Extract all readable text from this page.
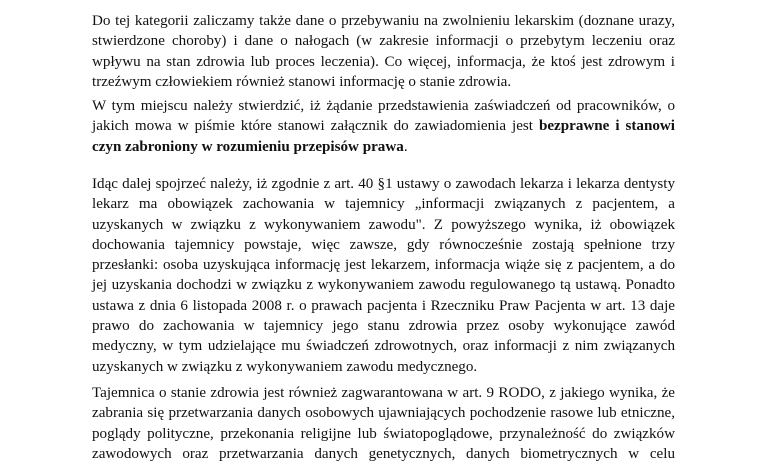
Do tej kategorii zaliczamy także dane o przebywaniu na zwolnieniu lekarskim (doznane urazy,
stwierdzone choroby) i dane o nałogach (w zakresie informacji o przebytym leczeniu oraz
wpływu na stan zdrowia lub proces leczenia). Co więcej, informacja, że ktoś jest zdrowym i
trzeźwym człowiekiem również stanowi informację o stanie zdrowia.

W tym miejscu należy stwierdzić, iż żądanie przedstawienia zaświadczeń od pracowników, o
jakich mowa w piśmie które stanowi załącznik do zawiadomienia jest bezprawne i stanowi
czyn zabroniony w rozumieniu przepisów prawa.

Idąc dalej spojrzeć należy, iż zgodnie z art. 40 §1 ustawy o zawodach lekarza i lekarza dentysty
lekarz ma obowiązek zachowania w tajemnicy „informacji związanych z pacjentem, a
uzyskanych w związku z wykonywaniem zawodu". Z powyższego wynika, iż obowiązek
dochowania tajemnicy powstaje, więc zawsze, gdy równocześnie zostają spełnione trzy
przesłanki: osoba uzyskująca informację jest lekarzem, informacja wiąże się z pacjentem, a do
jej uzyskania dochodzi w związku z wykonywaniem zawodu regulowanego tą ustawą. Ponadto
ustawa z dnia 6 listopada 2008 r. o prawach pacjenta i Rzeczniku Praw Pacjenta w art. 13 daje
prawo do zachowania w tajemnicy jego stanu zdrowia przez osoby wykonujące zawód
medyczny, w tym udzielające mu świadczeń zdrowotnych, oraz informacji z nim związanych
uzyskanych w związku z wykonywaniem zawodu medycznego.

Tajemnica o stanie zdrowia jest również zagwarantowana w art. 9 RODO, z jakiego wynika, że
zabrania się przetwarzania danych osobowych ujawniających pochodzenie rasowe lub etniczne,
poglądy polityczne, przekonania religijne lub światopoglądowe, przynależność do związków
zawodowych oraz przetwarzania danych genetycznych, danych biometrycznych w celu
